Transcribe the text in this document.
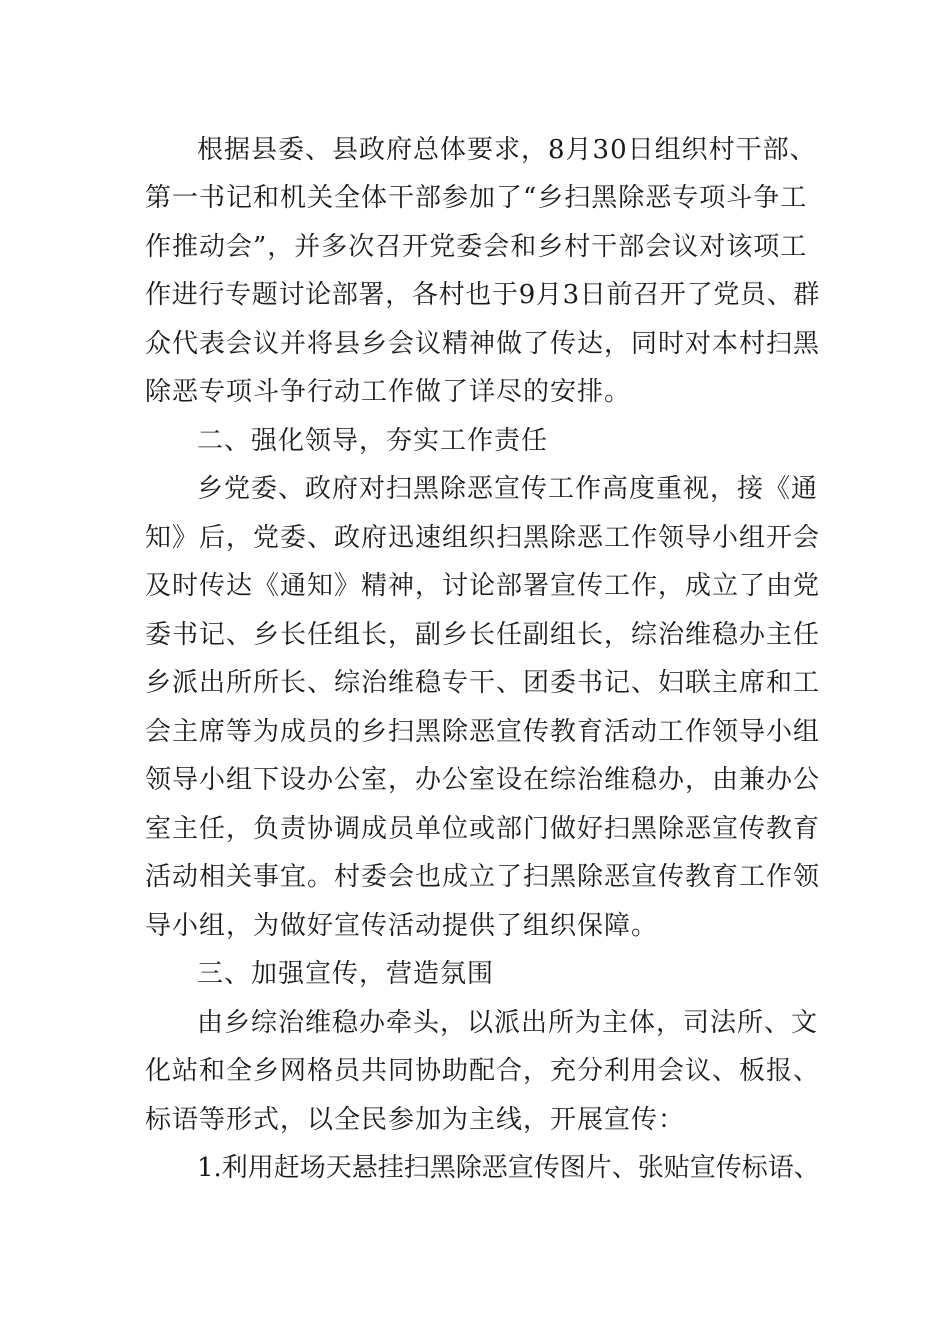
根据县委、县政府总体要求，8月30日组织村干部、
第一书记和机关全体干部参加了“乡扫黑除恶专项斗争工
作推动会”，并多次召开党委会和乡村干部会议对该项工
作进行专题讨论部署，各村也于9月3日前召开了党员、群
众代表会议并将县乡会议精神做了传达，同时对本村扫黑
除恶专项斗争行动工作做了详尽的安排。
二、强化领导，夯实工作责任
乡党委、政府对扫黑除恶宣传工作高度重视，接《通
知》后，党委、政府迅速组织扫黑除恶工作领导小组开会
及时传达《通知》精神，讨论部署宣传工作，成立了由党
委书记、乡长任组长，副乡长任副组长，综治维稳办主任
乡派出所所长、综治维稳专干、团委书记、妇联主席和工
会主席等为成员的乡扫黑除恶宣传教育活动工作领导小组
领导小组下设办公室，办公室设在综治维稳办，由兼办公
室主任，负责协调成员单位或部门做好扫黑除恶宣传教育
活动相关事宜。村委会也成立了扫黑除恶宣传教育工作领
导小组，为做好宣传活动提供了组织保障。
三、加强宣传，营造氛围
由乡综治维稳办牵头，以派出所为主体，司法所、文
化站和全乡网格员共同协助配合，充分利用会议、板报、
标语等形式，以全民参加为主线，开展宣传：
1.利用赶场天悬挂扫黑除恶宣传图片、张贴宣传标语、
